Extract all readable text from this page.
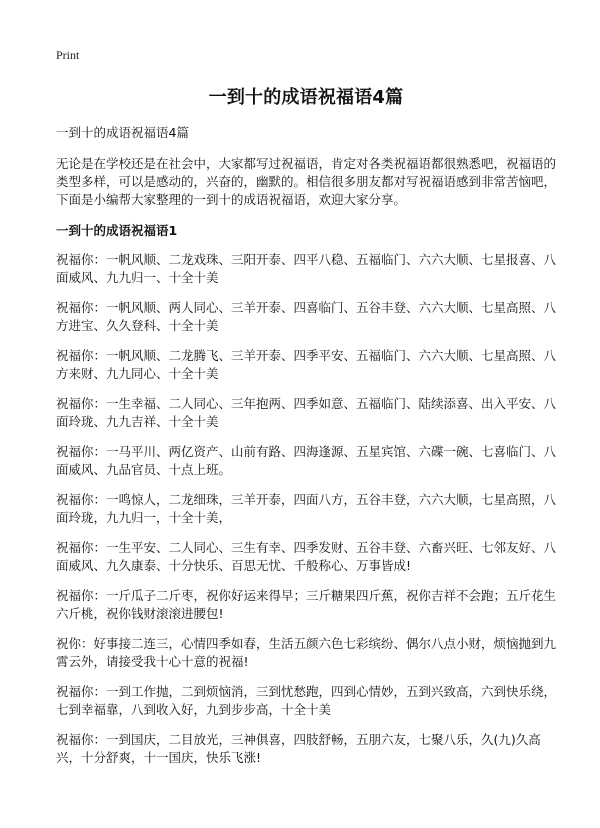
Print
一到十的成语祝福语4篇

一到十的成语祝福语4篇

无论是在学校还是在社会中，大家都写过祝福语，肯定对各类祝福语都很熟悉吧，祝福语的类型多样，可以是感动的，兴奋的，幽默的。相信很多朋友都对写祝福语感到非常苦恼吧，下面是小编帮大家整理的一到十的成语祝福语，欢迎大家分享。

一到十的成语祝福语1

祝福你：一帆风顺、二龙戏珠、三阳开泰、四平八稳、五福临门、六六大顺、七星报喜、八面威风、九九归一、十全十美

祝福你：一帆风顺、两人同心、三羊开泰、四喜临门、五谷丰登、六六大顺、七星高照、八方进宝、久久登科、十全十美

祝福你：一帆风顺、二龙腾飞、三羊开泰、四季平安、五福临门、六六大顺、七星高照、八方来财、九九同心、十全十美

祝福你：一生幸福、二人同心、三年抱两、四季如意、五福临门、陆续添喜、出入平安、八面玲珑、九九吉祥、十全十美

祝福你：一马平川、两亿资产、山前有路、四海逢源、五星宾馆、六碟一碗、七喜临门、八面威风、九品官员、十点上班。

祝福你：一鸣惊人，二龙细珠，三羊开泰，四面八方，五谷丰登，六六大顺，七星高照，八面玲珑，九九归一，十全十美，

祝福你：一生平安、二人同心、三生有幸、四季发财、五谷丰登、六畜兴旺、七邻友好、八面威风、九久康泰、十分快乐、百思无忧、千般称心、万事皆成!

祝福你：一斤瓜子二斤枣，祝你好运来得早；三斤糖果四斤蕉，祝你吉祥不会跑；五斤花生六斤桃，祝你钱财滚滚进腰包!

祝你：好事接二连三，心情四季如春，生活五颜六色七彩缤纷、偶尔八点小财，烦恼抛到九霄云外，请接受我十心十意的祝福!

祝福你：一到工作抛，二到烦恼消，三到忧愁跑，四到心情妙，五到兴致高，六到快乐绕，七到幸福靠，八到收入好，九到步步高，十全十美

祝福你：一到国庆，二目放光，三神俱喜，四肢舒畅，五朋六友，七聚八乐，久(九)久高兴，十分舒爽，十一国庆，快乐飞涨!
